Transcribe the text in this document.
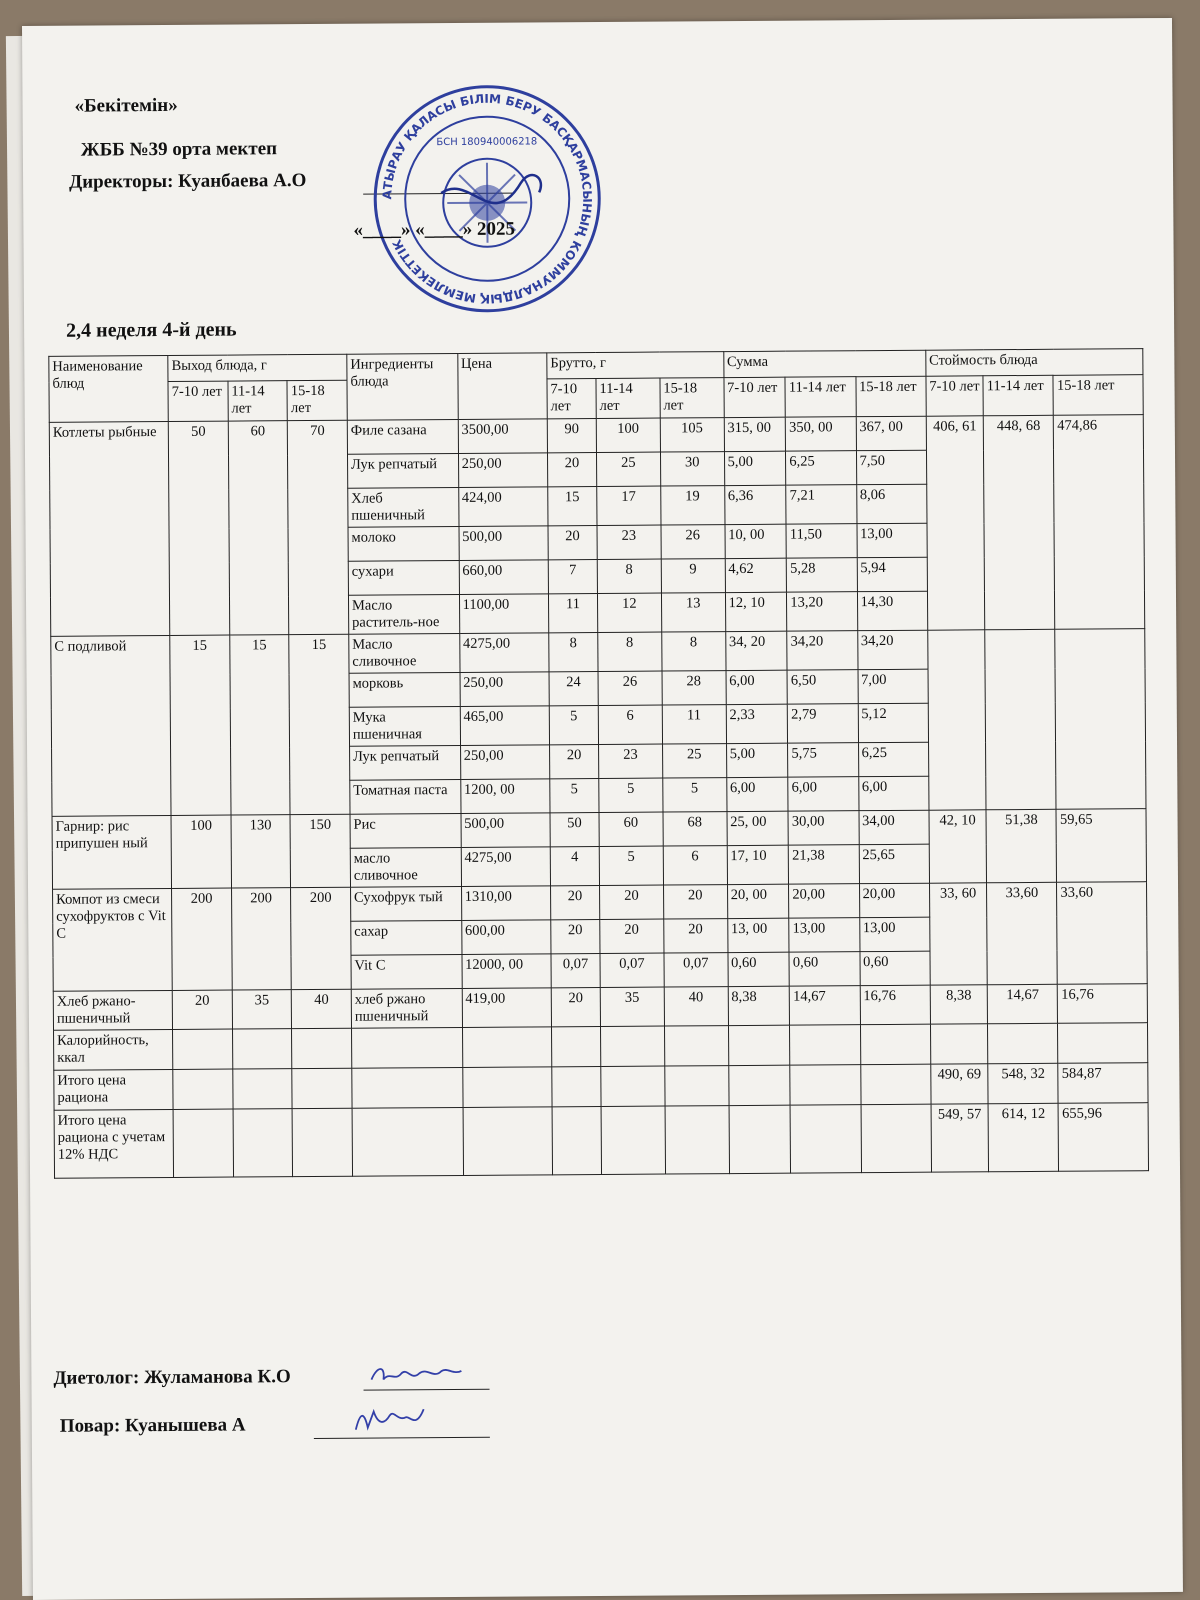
«Бекітемін»
ЖББ №39 орта мектеп
Директоры: Куанбаева А.О
АТЫРАУ ҚАЛАСЫ БІЛІМ БЕРУ БАСҚАРМАСЫНЫҢ КОММУНАЛДЫҚ МЕМЛЕКЕТТІК
БСН 180940006218
«____» «____» 2025
2,4 неделя 4-й день
Наименование блюд	Выход блюда, г			Ингредиенты блюда	Цена	Брутто, г			Сумма			Стоймость блюда		
	7-10 лет	11-14 лет	15-18 лет			7-10 лет	11-14 лет	15-18 лет	7-10 лет	11-14 лет	15-18 лет	7-10 лет	11-14 лет	15-18 лет
Котлеты рыбные	50	60	70	Филе сазана	3500,00	90	100	105	315, 00	350, 00	367, 00	406, 61	448, 68	474,86
				Лук репчатый	250,00	20	25	30	5,00	6,25	7,50			
				Хлеб пшеничный	424,00	15	17	19	6,36	7,21	8,06			
				молоко	500,00	20	23	26	10, 00	11,50	13,00			
				сухари	660,00	7	8	9	4,62	5,28	5,94			
				Масло раститель-ное	1100,00	11	12	13	12, 10	13,20	14,30			
С подливой	15	15	15	Масло сливочное	4275,00	8	8	8	34, 20	34,20	34,20			
				морковь	250,00	24	26	28	6,00	6,50	7,00			
				Мука пшеничная	465,00	5	6	11	2,33	2,79	5,12			
				Лук репчатый	250,00	20	23	25	5,00	5,75	6,25			
				Томатная паста	1200, 00	5	5	5	6,00	6,00	6,00			
Гарнир: рис припушен ный	100	130	150	Рис	500,00	50	60	68	25, 00	30,00	34,00	42, 10	51,38	59,65
				масло сливочное	4275,00	4	5	6	17, 10	21,38	25,65			
Компот из смеси сухофруктов с Vit C	200	200	200	Сухофрук тый	1310,00	20	20	20	20, 00	20,00	20,00	33, 60	33,60	33,60
				сахар	600,00	20	20	20	13, 00	13,00	13,00			
				Vit C	12000, 00	0,07	0,07	0,07	0,60	0,60	0,60			
Хлеб ржано-пшеничный	20	35	40	хлеб ржано пшеничный	419,00	20	35	40	8,38	14,67	16,76	8,38	14,67	16,76
Калорийность, ккал														
Итого цена рациона												490, 69	548, 32	584,87
Итого цена рациона с учетам 12% НДС												549, 57	614, 12	655,96
Диетолог: Жуламанова К.О
Повар: Куанышева А
